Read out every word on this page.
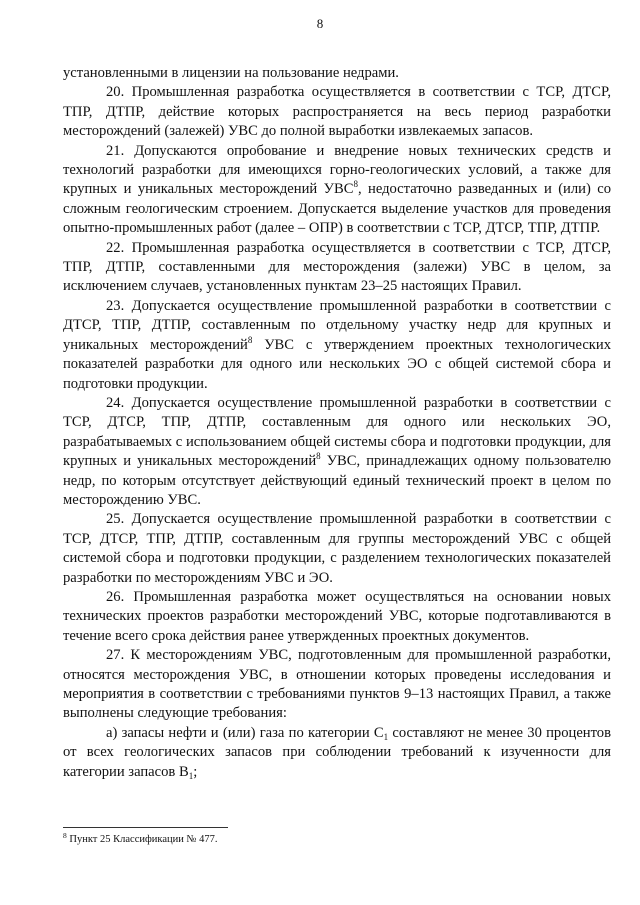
8

установленными в лицензии на пользование недрами.

20. Промышленная разработка осуществляется в соответствии с ТСР, ДТСР, ТПР, ДТПР, действие которых распространяется на весь период разработки месторождений (залежей) УВС до полной выработки извлекаемых запасов.

21. Допускаются опробование и внедрение новых технических средств и технологий разработки для имеющихся горно-геологических условий, а также для крупных и уникальных месторождений УВС$^8$, недостаточно разведанных и (или) со сложным геологическим строением. Допускается выделение участков для проведения опытно-промышленных работ (далее – ОПР) в соответствии с ТСР, ДТСР, ТПР, ДТПР.

22. Промышленная разработка осуществляется в соответствии с ТСР, ДТСР, ТПР, ДТПР, составленными для месторождения (залежи) УВС в целом, за исключением случаев, установленных пунктам 23–25 настоящих Правил.

23. Допускается осуществление промышленной разработки в соответствии с ДТСР, ТПР, ДТПР, составленным по отдельному участку недр для крупных и уникальных месторождений$^8$ УВС с утверждением проектных технологических показателей разработки для одного или нескольких ЭО с общей системой сбора и подготовки продукции.

24. Допускается осуществление промышленной разработки в соответствии с ТСР, ДТСР, ТПР, ДТПР, составленным для одного или нескольких ЭО, разрабатываемых с использованием общей системы сбора и подготовки продукции, для крупных и уникальных месторождений$^8$ УВС, принадлежащих одному пользователю недр, по которым отсутствует действующий единый технический проект в целом по месторождению УВС.

25. Допускается осуществление промышленной разработки в соответствии с ТСР, ДТСР, ТПР, ДТПР, составленным для группы месторождений УВС с общей системой сбора и подготовки продукции, с разделением технологических показателей разработки по месторождениям УВС и ЭО.

26. Промышленная разработка может осуществляться на основании новых технических проектов разработки месторождений УВС, которые подготавливаются в течение всего срока действия ранее утвержденных проектных документов.

27. К месторождениям УВС, подготовленным для промышленной разработки, относятся месторождения УВС, в отношении которых проведены исследования и мероприятия в соответствии с требованиями пунктов 9–13 настоящих Правил, а также выполнены следующие требования:

а) запасы нефти и (или) газа по категории $С_1$ составляют не менее 30 процентов от всех геологических запасов при соблюдении требований к изученности для категории запасов $В_1$;

$^8$ Пункт 25 Классификации № 477.
